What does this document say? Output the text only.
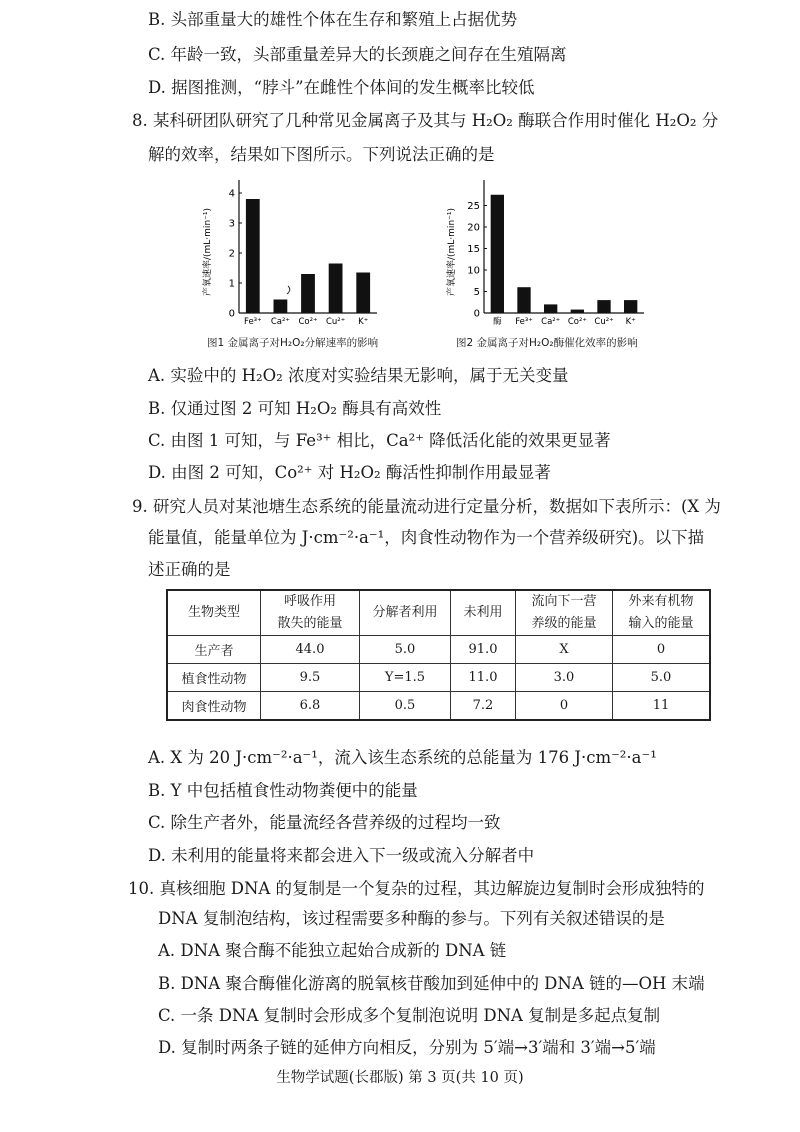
B. 头部重量大的雄性个体在生存和繁殖上占据优势
C. 年龄一致，头部重量差异大的长颈鹿之间存在生殖隔离
D. 据图推测，“脖斗”在雌性个体间的发生概率比较低
8. 某科研团队研究了几种常见金属离子及其与 H₂O₂ 酶联合作用时催化 H₂O₂ 分
解的效率，结果如下图所示。下列说法正确的是
产氧速率/(mL·min⁻¹)
0
1
2
3
4
Fe³⁺ Ca²⁺ Co²⁺ Cu²⁺ K⁺
图1 金属离子对H₂O₂分解速率的影响
产氧速率/(mL·min⁻¹)
0
5
10
15
20
25
酶 Fe³⁺ Ca²⁺ Co²⁺ Cu²⁺ K⁺
图2 金属离子对H₂O₂酶催化效率的影响
A. 实验中的 H₂O₂ 浓度对实验结果无影响，属于无关变量
B. 仅通过图 2 可知 H₂O₂ 酶具有高效性
C. 由图 1 可知，与 Fe³⁺ 相比，Ca²⁺ 降低活化能的效果更显著
D. 由图 2 可知，Co²⁺ 对 H₂O₂ 酶活性抑制作用最显著
9. 研究人员对某池塘生态系统的能量流动进行定量分析，数据如下表所示：(X 为
能量值，能量单位为 J·cm⁻²·a⁻¹，肉食性动物作为一个营养级研究)。以下描
述正确的是
生物类型	呼吸作用
散失的能量	分解者利用	未利用	流向下一营
养级的能量	外来有机物
输入的能量
生产者	44.0	5.0	91.0	X	0
植食性动物	9.5	Y=1.5	11.0	3.0	5.0
肉食性动物	6.8	0.5	7.2	0	11
A. X 为 20 J·cm⁻²·a⁻¹，流入该生态系统的总能量为 176 J·cm⁻²·a⁻¹
B. Y 中包括植食性动物粪便中的能量
C. 除生产者外，能量流经各营养级的过程均一致
D. 未利用的能量将来都会进入下一级或流入分解者中
10. 真核细胞 DNA 的复制是一个复杂的过程，其边解旋边复制时会形成独特的
DNA 复制泡结构，该过程需要多种酶的参与。下列有关叙述错误的是
A. DNA 聚合酶不能独立起始合成新的 DNA 链
B. DNA 聚合酶催化游离的脱氧核苷酸加到延伸中的 DNA 链的—OH 末端
C. 一条 DNA 复制时会形成多个复制泡说明 DNA 复制是多起点复制
D. 复制时两条子链的延伸方向相反，分别为 5′端→3′端和 3′端→5′端
生物学试题(长郡版) 第 3 页(共 10 页)
